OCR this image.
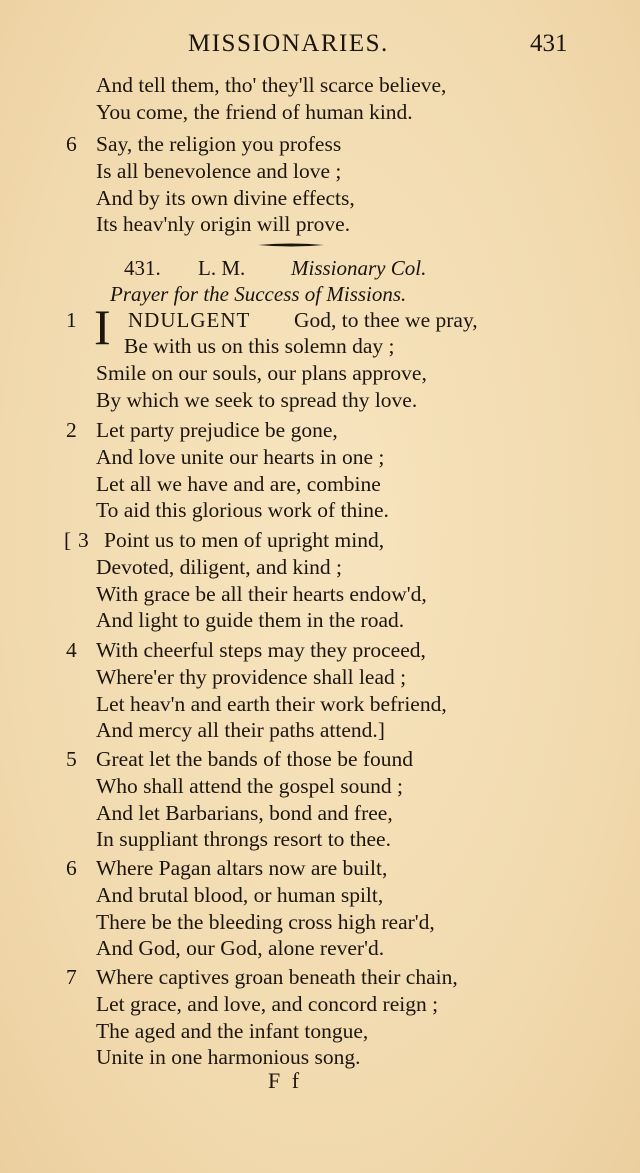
MISSIONARIES.	431
And tell them, tho' they'll scarce believe,
You come, the friend of human kind.
6 Say, the religion you profess
Is all benevolence and love ;
And by its own divine effects,
Its heav'nly origin will prove.
431. L. M. Missionary Col.
Prayer for the Success of Missions.
1 I NDULGENT God, to thee we pray,
Be with us on this solemn day ;
Smile on our souls, our plans approve,
By which we seek to spread thy love.
2 Let party prejudice be gone,
And love unite our hearts in one ;
Let all we have and are, combine
To aid this glorious work of thine.
[ 3 Point us to men of upright mind,
Devoted, diligent, and kind ;
With grace be all their hearts endow'd,
And light to guide them in the road.
4 With cheerful steps may they proceed,
Where'er thy providence shall lead ;
Let heav'n and earth their work befriend,
And mercy all their paths attend.]
5 Great let the bands of those be found
Who shall attend the gospel sound ;
And let Barbarians, bond and free,
In suppliant throngs resort to thee.
6 Where Pagan altars now are built,
And brutal blood, or human spilt,
There be the bleeding cross high rear'd,
And God, our God, alone rever'd.
7 Where captives groan beneath their chain,
Let grace, and love, and concord reign ;
The aged and the infant tongue,
Unite in one harmonious song.
F f
